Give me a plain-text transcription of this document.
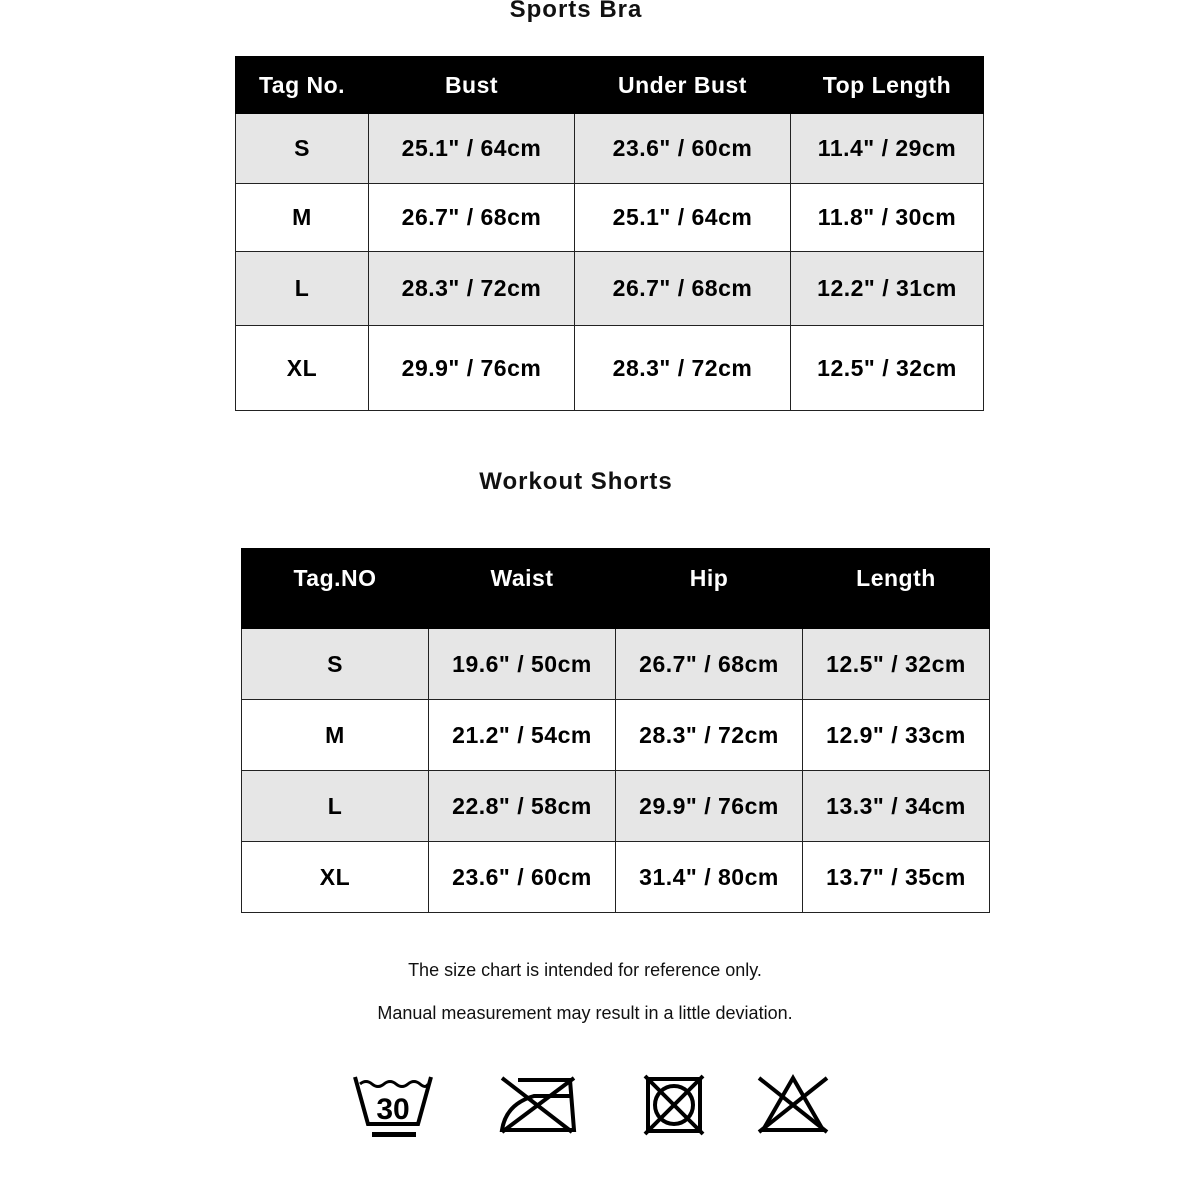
Sports Bra
Tag No.	Bust	Under Bust	Top Length
S	25.1" / 64cm	23.6" / 60cm	11.4" / 29cm
M	26.7" / 68cm	25.1" / 64cm	11.8" / 30cm
L	28.3" / 72cm	26.7" / 68cm	12.2" / 31cm
XL	29.9" / 76cm	28.3" / 72cm	12.5" / 32cm
Workout Shorts
Tag.NO	Waist	Hip	Length
S	19.6" / 50cm	26.7" / 68cm	12.5" / 32cm
M	21.2" / 54cm	28.3" / 72cm	12.9" / 33cm
L	22.8" / 58cm	29.9" / 76cm	13.3" / 34cm
XL	23.6" / 60cm	31.4" / 80cm	13.7" / 35cm
The size chart is intended for reference only.
Manual measurement may result in a little deviation.
30
